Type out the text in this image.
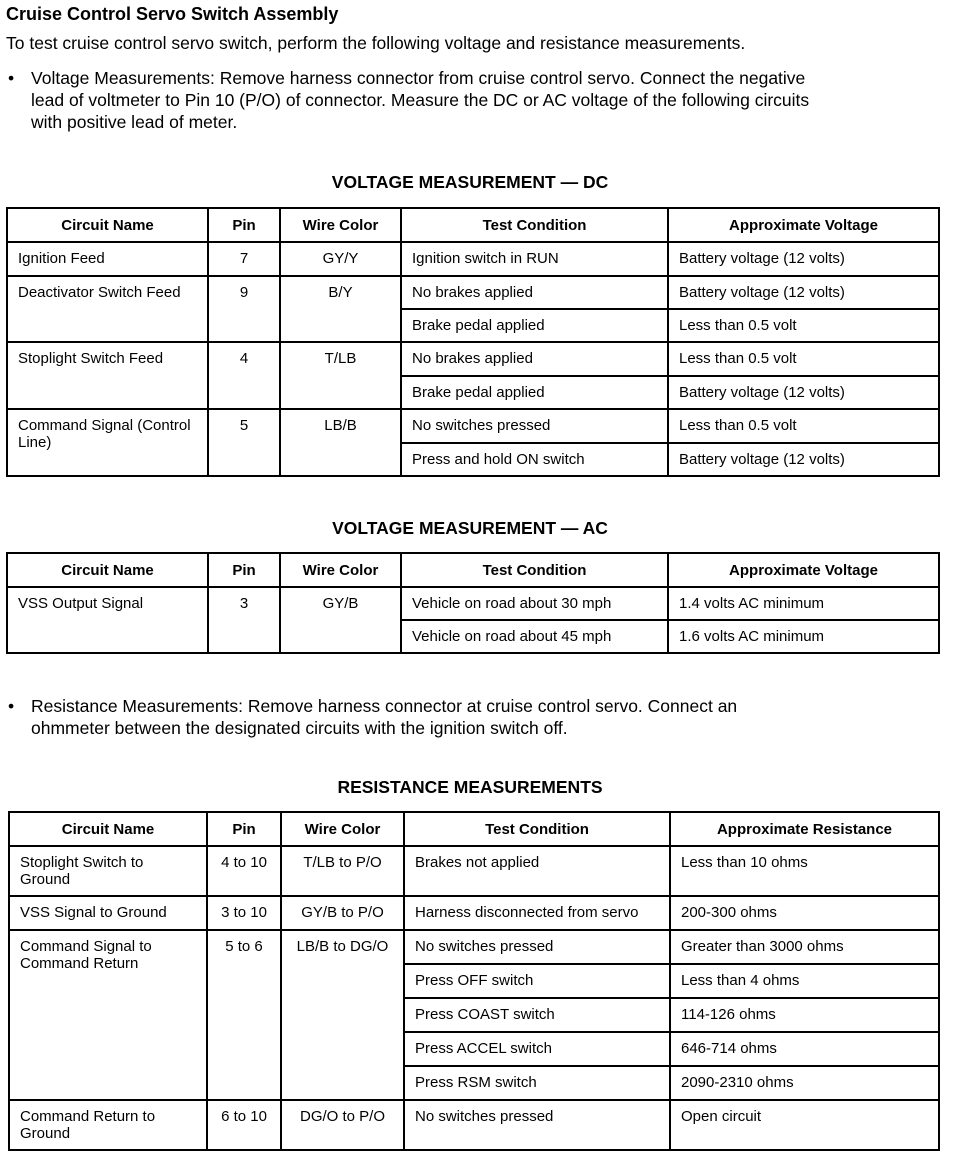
Cruise Control Servo Switch Assembly
To test cruise control servo switch, perform the following voltage and resistance measurements.
• Voltage Measurements: Remove harness connector from cruise control servo. Connect the negative
lead of voltmeter to Pin 10 (P/O) of connector. Measure the DC or AC voltage of the following circuits
with positive lead of meter.
VOLTAGE MEASUREMENT — DC
Circuit Name	Pin	Wire Color	Test Condition	Approximate Voltage
Ignition Feed	7	GY/Y	Ignition switch in RUN	Battery voltage (12 volts)
Deactivator Switch Feed	9	B/Y	No brakes applied	Battery voltage (12 volts)
			Brake pedal applied	Less than 0.5 volt
Stoplight Switch Feed	4	T/LB	No brakes applied	Less than 0.5 volt
			Brake pedal applied	Battery voltage (12 volts)
Command Signal (Control Line)	5	LB/B	No switches pressed	Less than 0.5 volt
			Press and hold ON switch	Battery voltage (12 volts)
VOLTAGE MEASUREMENT — AC
Circuit Name	Pin	Wire Color	Test Condition	Approximate Voltage
VSS Output Signal	3	GY/B	Vehicle on road about 30 mph	1.4 volts AC minimum
			Vehicle on road about 45 mph	1.6 volts AC minimum
• Resistance Measurements: Remove harness connector at cruise control servo. Connect an
ohmmeter between the designated circuits with the ignition switch off.
RESISTANCE MEASUREMENTS
Circuit Name	Pin	Wire Color	Test Condition	Approximate Resistance
Stoplight Switch to Ground	4 to 10	T/LB to P/O	Brakes not applied	Less than 10 ohms
VSS Signal to Ground	3 to 10	GY/B to P/O	Harness disconnected from servo	200-300 ohms
Command Signal to Command Return	5 to 6	LB/B to DG/O	No switches pressed	Greater than 3000 ohms
			Press OFF switch	Less than 4 ohms
			Press COAST switch	114-126 ohms
			Press ACCEL switch	646-714 ohms
			Press RSM switch	2090-2310 ohms
Command Return to Ground	6 to 10	DG/O to P/O	No switches pressed	Open circuit
